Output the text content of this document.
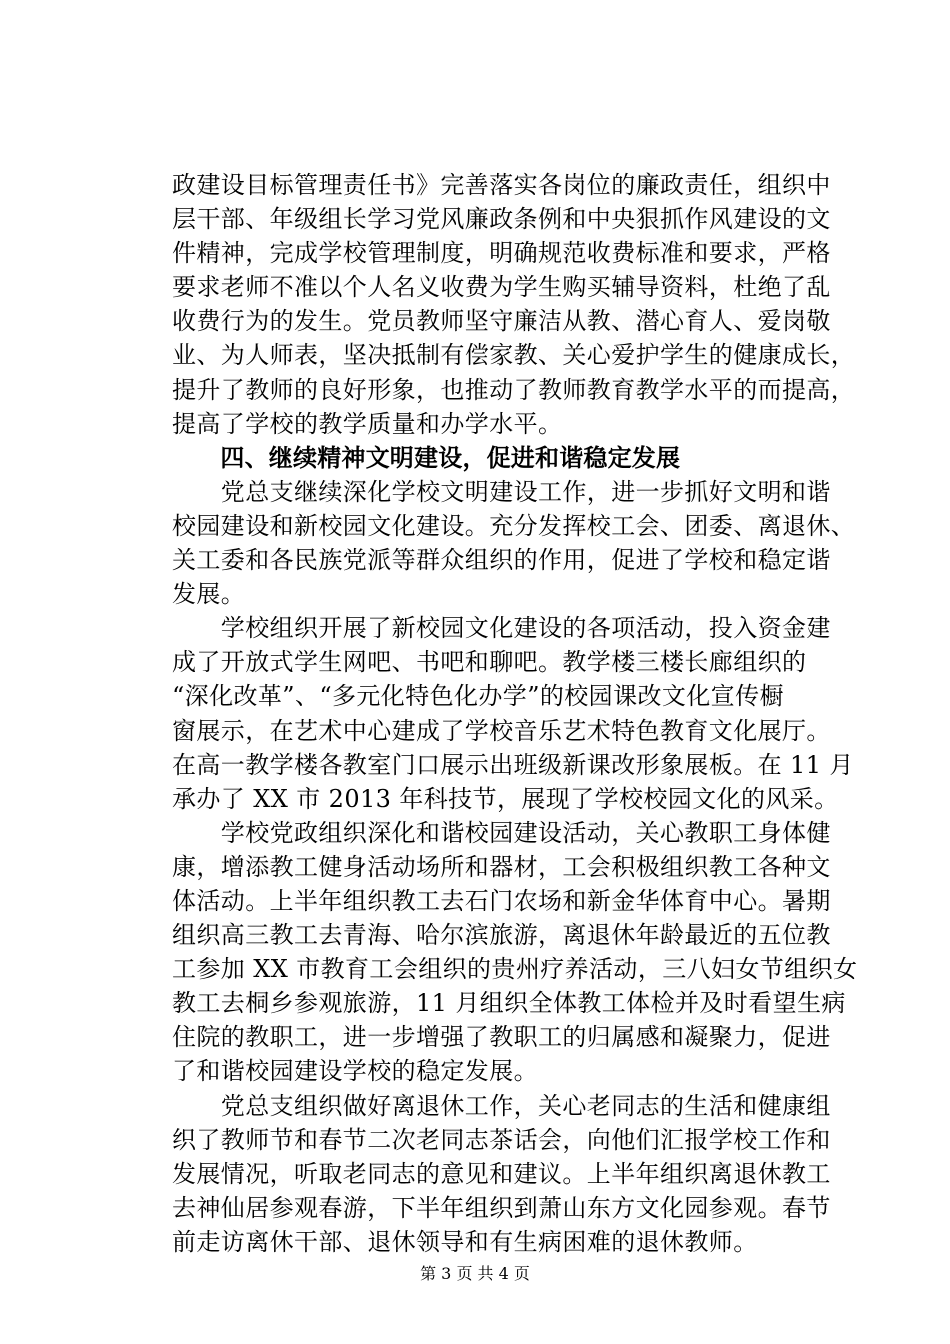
政建设目标管理责任书》完善落实各岗位的廉政责任，组织中
层干部、年级组长学习党风廉政条例和中央狠抓作风建设的文
件精神，完成学校管理制度，明确规范收费标准和要求，严格
要求老师不准以个人名义收费为学生购买辅导资料，杜绝了乱
收费行为的发生。党员教师坚守廉洁从教、潜心育人、爱岗敬
业、为人师表，坚决抵制有偿家教、关心爱护学生的健康成长，
提升了教师的良好形象，也推动了教师教育教学水平的而提高，
提高了学校的教学质量和办学水平。
　　四、继续精神文明建设，促进和谐稳定发展
　　党总支继续深化学校文明建设工作，进一步抓好文明和谐
校园建设和新校园文化建设。充分发挥校工会、团委、离退休、
关工委和各民族党派等群众组织的作用，促进了学校和稳定谐
发展。
　　学校组织开展了新校园文化建设的各项活动，投入资金建
成了开放式学生网吧、书吧和聊吧。教学楼三楼长廊组织的
“深化改革”、“多元化特色化办学”的校园课改文化宣传橱
窗展示，在艺术中心建成了学校音乐艺术特色教育文化展厅。
在高一教学楼各教室门口展示出班级新课改形象展板。在 11 月
承办了 XX 市 2013 年科技节，展现了学校校园文化的风采。
　　学校党政组织深化和谐校园建设活动，关心教职工身体健
康，增添教工健身活动场所和器材，工会积极组织教工各种文
体活动。上半年组织教工去石门农场和新金华体育中心。暑期
组织高三教工去青海、哈尔滨旅游，离退休年龄最近的五位教
工参加 XX 市教育工会组织的贵州疗养活动，三八妇女节组织女
教工去桐乡参观旅游，11 月组织全体教工体检并及时看望生病
住院的教职工，进一步增强了教职工的归属感和凝聚力，促进
了和谐校园建设学校的稳定发展。
　　党总支组织做好离退休工作，关心老同志的生活和健康组
织了教师节和春节二次老同志茶话会，向他们汇报学校工作和
发展情况，听取老同志的意见和建议。上半年组织离退休教工
去神仙居参观春游，下半年组织到萧山东方文化园参观。春节
前走访离休干部、退休领导和有生病困难的退休教师。
第 3 页 共 4 页
